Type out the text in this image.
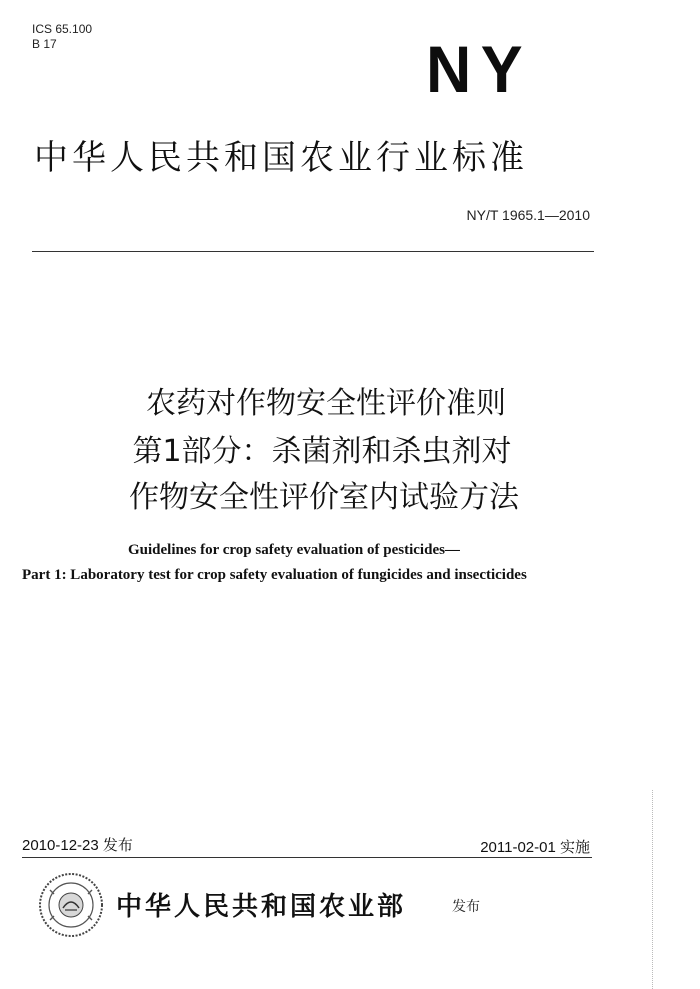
ICS 65.100
B 17	NY
中华人民共和国农业行业标准
NY/T 1965.1—2010
农药对作物安全性评价准则
第1部分：杀菌剂和杀虫剂对
作物安全性评价室内试验方法
Guidelines for crop safety evaluation of pesticides—
Part 1: Laboratory test for crop safety evaluation of fungicides and insecticides
2010-12-23 发布	2011-02-01 实施
中华人民共和国农业部	发布
